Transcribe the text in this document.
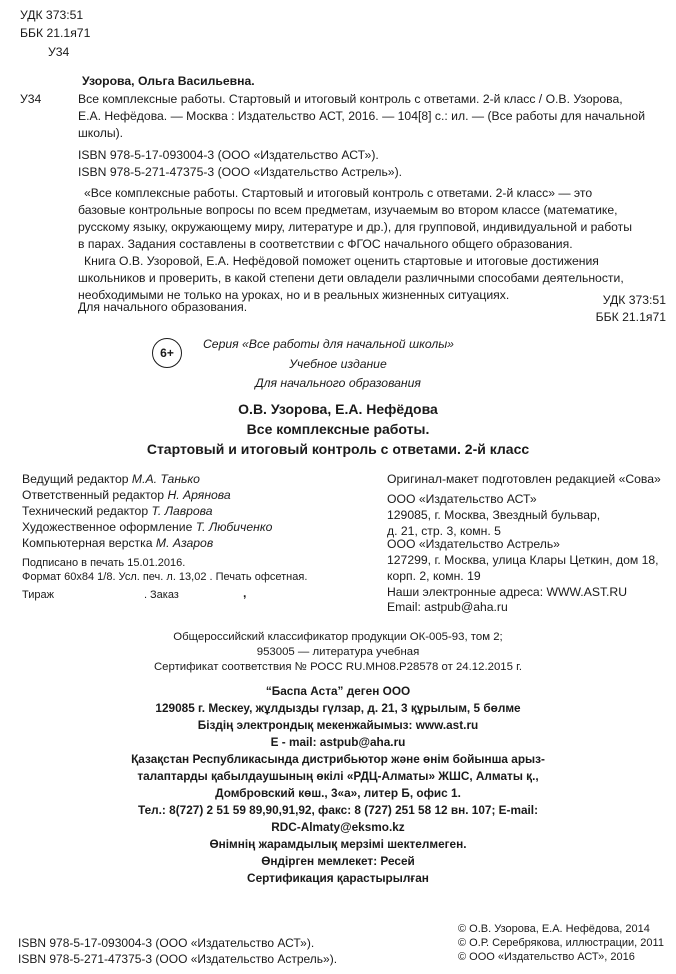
УДК 373:51
ББК 21.1я71
У34
Узорова, Ольга Васильевна.
У34	Все комплексные работы. Стартовый и итоговый контроль с ответами. 2-й класс / О.В. Узорова,
Е.А. Нефёдова. — Москва : Издательство АСТ, 2016. — 104[8] с.: ил. — (Все работы для начальной
школы).
ISBN 978-5-17-093004-3 (ООО «Издательство АСТ»).
ISBN 978-5-271-47375-3 (ООО «Издательство Астрель»).
«Все комплексные работы. Стартовый и итоговый контроль с ответами. 2-й класс» — это
базовые контрольные вопросы по всем предметам, изучаемым во втором классе (математике,
русскому языку, окружающему миру, литературе и др.), для групповой, индивидуальной и работы
в парах. Задания составлены в соответствии с ФГОС начального общего образования.
Книга О.В. Узоровой, Е.А. Нефёдовой поможет оценить стартовые и итоговые достижения
школьников и проверить, в какой степени дети овладели различными способами деятельности,
необходимыми не только на уроках, но и в реальных жизненных ситуациях.
Для начального образования.	УДК 373:51
ББК 21.1я71
6+
Серия «Все работы для начальной школы»
Учебное издание
Для начального образования
О.В. Узорова, Е.А. Нефёдова
Все комплексные работы.
Стартовый и итоговый контроль с ответами. 2-й класс
Ведущий редактор М.А. Танько
Ответственный редактор Н. Арянова
Технический редактор Т. Лаврова
Художественное оформление Т. Любиченко
Компьютерная верстка М. Азаров
Подписано в печать 15.01.2016.
Формат 60x84 1/8. Усл. печ. л. 13,02 . Печать офсетная.
Тираж	. Заказ	,
Оригинал-макет подготовлен редакцией «Сова»
ООО «Издательство АСТ»
129085, г. Москва, Звездный бульвар,
д. 21, стр. 3, комн. 5
ООО «Издательство Астрель»
127299, г. Москва, улица Клары Цеткин, дом 18,
корп. 2, комн. 19
Наши электронные адреса: WWW.AST.RU
Email: astpub@aha.ru
Общероссийский классификатор продукции ОК-005-93, том 2;
953005 — литература учебная
Сертификат соответствия № РОСС RU.МН08.Р28578 от 24.12.2015 г.
“Баспа Аста” деген ООО
129085 г. Мескеу, жұлдызды гүлзар, д. 21, 3 құрылым, 5 бөлме
Біздің электрондық мекенжайымыз: www.ast.ru
E - mail: astpub@aha.ru
Қазақстан Республикасында дистрибьютор және өнім бойынша арыз-
талаптарды қабылдаушының өкілі «РДЦ-Алматы» ЖШС, Алматы қ.,
Домбровский көш., 3«а», литер Б, офис 1.
Тел.: 8(727) 2 51 59 89,90,91,92, факс: 8 (727) 251 58 12 вн. 107; E-mail:
RDC-Almaty@eksmo.kz
Өнімнің жарамдылық мерзімі шектелмеген.
Өндірген мемлекет: Ресей
Сертификация қарастырылған
ISBN 978-5-17-093004-3 (ООО «Издательство АСТ»).
ISBN 978-5-271-47375-3 (ООО «Издательство Астрель»).
© О.В. Узорова, Е.А. Нефёдова, 2014
© О.Р. Серебрякова, иллюстрации, 2011
© ООО «Издательство АСТ», 2016
